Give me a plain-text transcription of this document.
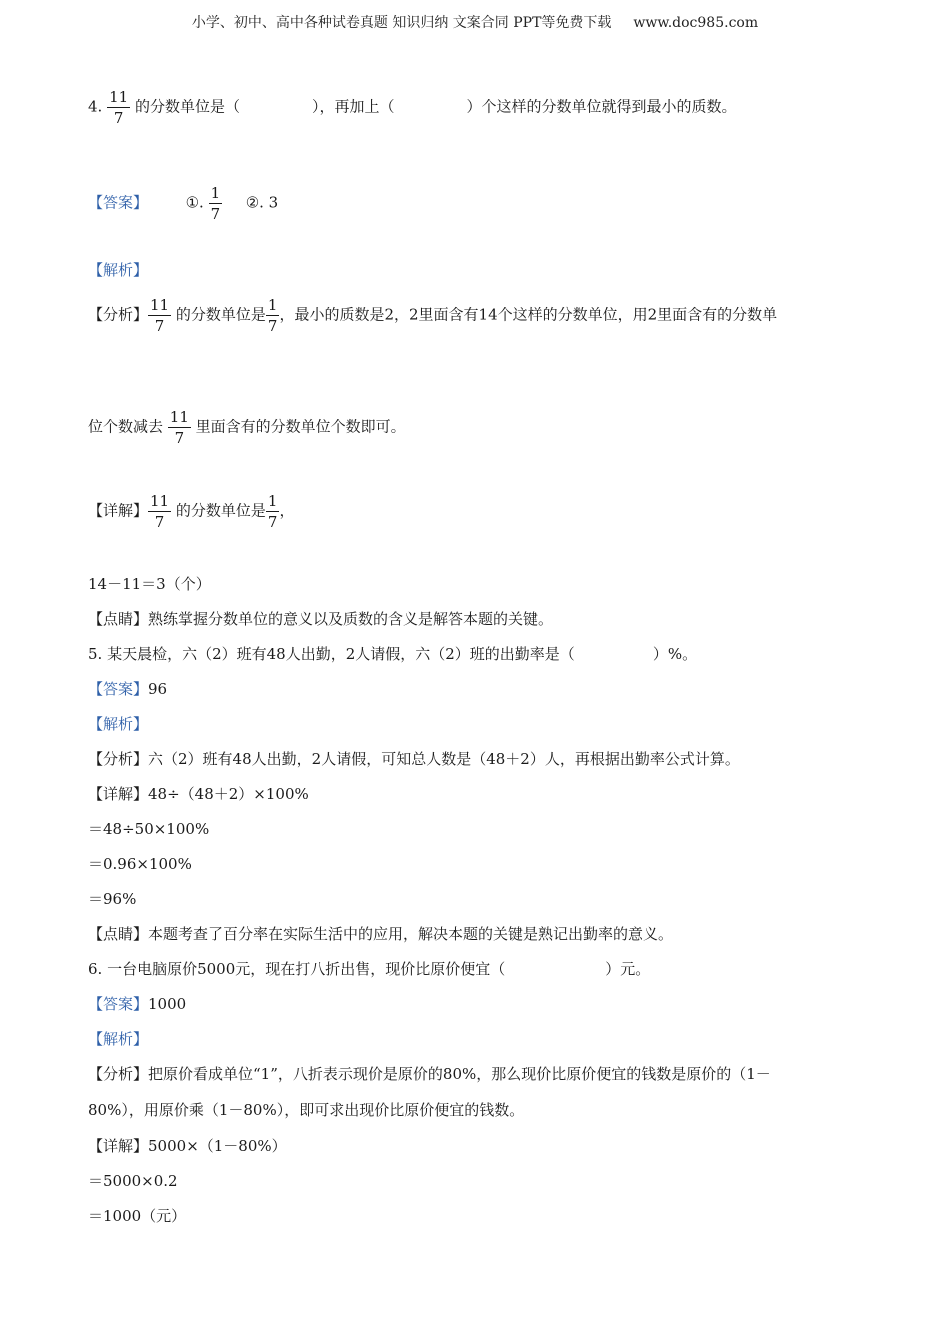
小学、初中、高中各种试卷真题 知识归纳 文案合同 PPT等免费下载 www.doc985.com
4. $\frac{11}{7}$ 的分数单位是（	），再加上（	）个这样的分数单位就得到最小的质数。
【答案】	①. $\frac{1}{7}$ ②. 3
【解析】
【分析】 $\frac{11}{7}$ 的分数单位是 $\frac{1}{7}$ ，最小的质数是2，2里面含有14个这样的分数单位，用2里面含有的分数单
位个数减去 $\frac{11}{7}$ 里面含有的分数单位个数即可。
【详解】 $\frac{11}{7}$ 的分数单位是 $\frac{1}{7}$ ，
14－11＝3（个）
【点睛】熟练掌握分数单位的意义以及质数的含义是解答本题的关键。
5. 某天晨检，六（2）班有48人出勤，2人请假，六（2）班的出勤率是（	）%。
【答案】96
【解析】
【分析】六（2）班有48人出勤，2人请假，可知总人数是（48＋2）人，再根据出勤率公式计算。
【详解】48÷（48＋2）×100%
＝48÷50×100%
＝0.96×100%
＝96%
【点睛】本题考查了百分率在实际生活中的应用，解决本题的关键是熟记出勤率的意义。
6. 一台电脑原价5000元，现在打八折出售，现价比原价便宜（	）元。
【答案】1000
【解析】
【分析】把原价看成单位“1”，八折表示现价是原价的80%，那么现价比原价便宜的钱数是原价的（1－
80%），用原价乘（1－80%），即可求出现价比原价便宜的钱数。
【详解】5000×（1－80%）
＝5000×0.2
＝1000（元）
